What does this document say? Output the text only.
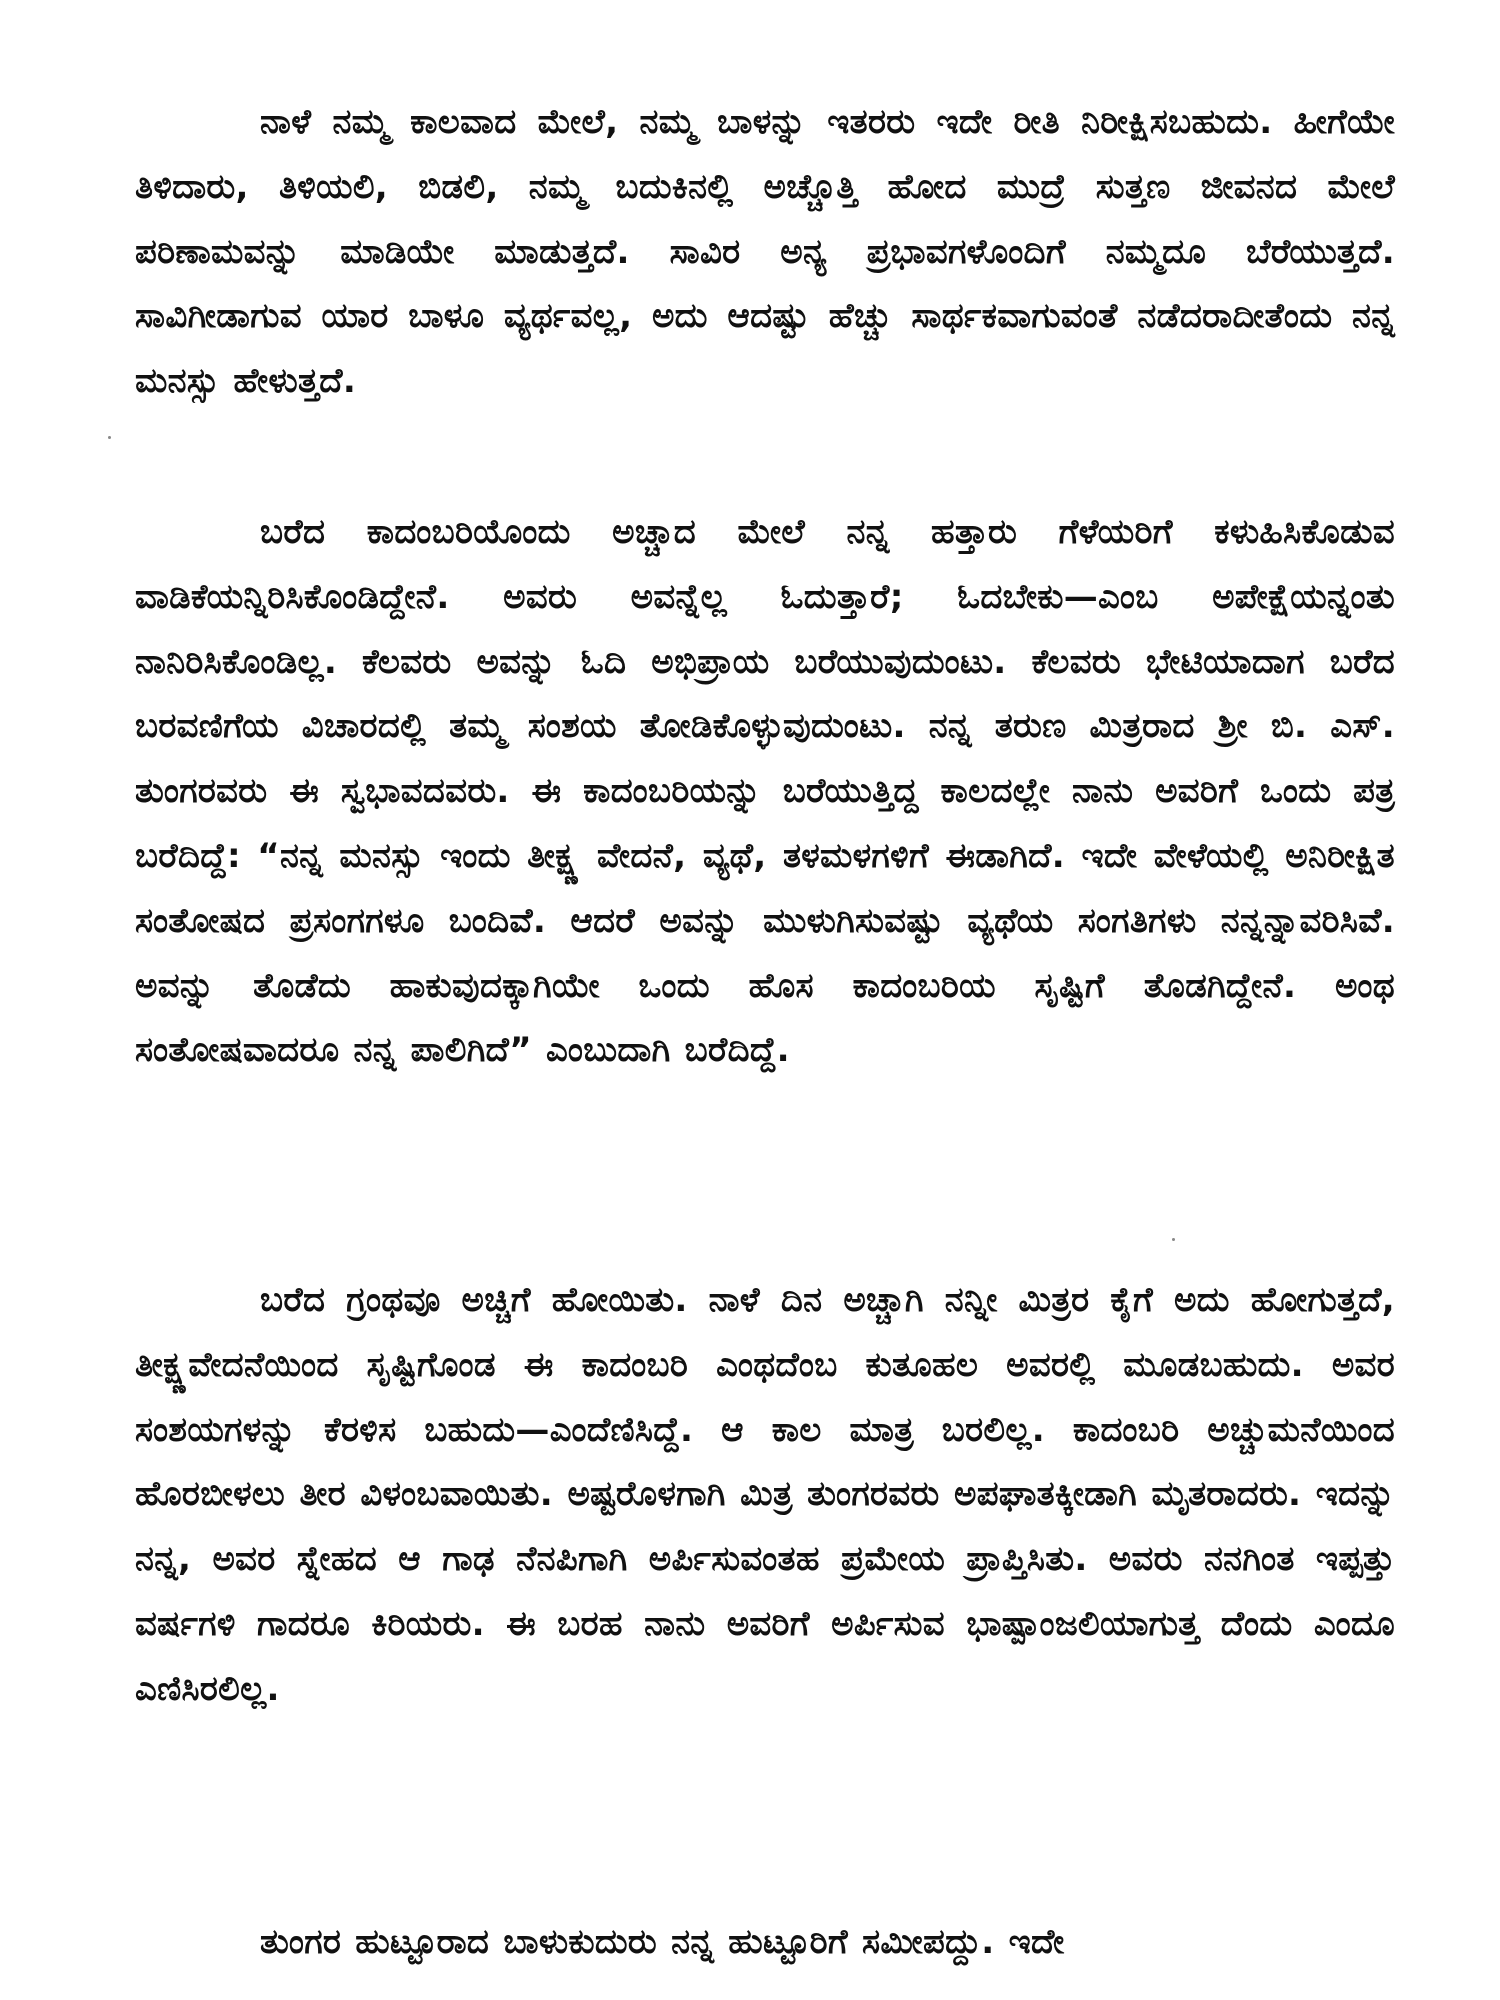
ನಾಳೆ ನಮ್ಮ ಕಾಲವಾದ ಮೇಲೆ, ನಮ್ಮ ಬಾಳನ್ನು ಇತರರು ಇದೇ ರೀತಿ ನಿರೀಕ್ಷಿಸಬಹುದು. ಹೀಗೆಯೇ ತಿಳಿದಾರು, ತಿಳಿಯಲಿ, ಬಿಡಲಿ, ನಮ್ಮ ಬದುಕಿನಲ್ಲಿ ಅಚ್ಚೊತ್ತಿ ಹೋದ ಮುದ್ರೆ ಸುತ್ತಣ ಜೀವನದ ಮೇಲೆ ಪರಿಣಾಮವನ್ನು ಮಾಡಿಯೇ ಮಾಡುತ್ತದೆ. ಸಾವಿರ ಅನ್ಯ ಪ್ರಭಾವಗಳೊಂದಿಗೆ ನಮ್ಮದೂ ಬೆರೆಯುತ್ತದೆ. ಸಾವಿಗೀಡಾಗುವ ಯಾರ ಬಾಳೂ ವ್ಯರ್ಥವಲ್ಲ, ಅದು ಆದಷ್ಟು ಹೆಚ್ಚು ಸಾರ್ಥಕವಾಗುವಂತೆ ನಡೆದರಾದೀತೆಂದು ನನ್ನ ಮನಸ್ಸು ಹೇಳುತ್ತದೆ.

ಬರೆದ ಕಾದಂಬರಿಯೊಂದು ಅಚ್ಚಾದ ಮೇಲೆ ನನ್ನ ಹತ್ತಾರು ಗೆಳೆಯರಿಗೆ ಕಳುಹಿಸಿಕೊಡುವ ವಾಡಿಕೆಯನ್ನಿರಿಸಿಕೊಂಡಿದ್ದೇನೆ. ಅವರು ಅವನ್ನೆಲ್ಲ ಓದುತ್ತಾರೆ; ಓದಬೇಕು—ಎಂಬ ಅಪೇಕ್ಷೆಯನ್ನಂತು ನಾನಿರಿಸಿಕೊಂಡಿಲ್ಲ. ಕೆಲವರು ಅವನ್ನು ಓದಿ ಅಭಿಪ್ರಾಯ ಬರೆಯುವುದುಂಟು. ಕೆಲವರು ಭೇಟಿಯಾದಾಗ ಬರೆದ ಬರವಣಿಗೆಯ ವಿಚಾರದಲ್ಲಿ ತಮ್ಮ ಸಂಶಯ ತೋಡಿಕೊಳ್ಳುವುದುಂಟು. ನನ್ನ ತರುಣ ಮಿತ್ರರಾದ ಶ್ರೀ ಬಿ. ಎಸ್. ತುಂಗರವರು ಈ ಸ್ವಭಾವದವರು. ಈ ಕಾದಂಬರಿಯನ್ನು ಬರೆಯುತ್ತಿದ್ದ ಕಾಲದಲ್ಲೇ ನಾನು ಅವರಿಗೆ ಒಂದು ಪತ್ರ ಬರೆದಿದ್ದೆ: “ನನ್ನ ಮನಸ್ಸು ಇಂದು ತೀಕ್ಷ್ಣ ವೇದನೆ, ವ್ಯಥೆ, ತಳಮಳಗಳಿಗೆ ಈಡಾಗಿದೆ. ಇದೇ ವೇಳೆಯಲ್ಲಿ ಅನಿರೀಕ್ಷಿತ ಸಂತೋಷದ ಪ್ರಸಂಗಗಳೂ ಬಂದಿವೆ. ಆದರೆ ಅವನ್ನು ಮುಳುಗಿಸುವಷ್ಟು ವ್ಯಥೆಯ ಸಂಗತಿಗಳು ನನ್ನನ್ನಾವರಿಸಿವೆ. ಅವನ್ನು ತೊಡೆದು ಹಾಕುವುದಕ್ಕಾಗಿಯೇ ಒಂದು ಹೊಸ ಕಾದಂಬರಿಯ ಸೃಷ್ಟಿಗೆ ತೊಡಗಿದ್ದೇನೆ. ಅಂಥ ಸಂತೋಷವಾದರೂ ನನ್ನ ಪಾಲಿಗಿದೆ” ಎಂಬುದಾಗಿ ಬರೆದಿದ್ದೆ.

ಬರೆದ ಗ್ರಂಥವೂ ಅಚ್ಚಿಗೆ ಹೋಯಿತು. ನಾಳೆ ದಿನ ಅಚ್ಚಾಗಿ ನನ್ನೀ ಮಿತ್ರರ ಕೈಗೆ ಅದು ಹೋಗುತ್ತದೆ, ತೀಕ್ಷ್ಣವೇದನೆಯಿಂದ ಸೃಷ್ಟಿಗೊಂಡ ಈ ಕಾದಂಬರಿ ಎಂಥದೆಂಬ ಕುತೂಹಲ ಅವರಲ್ಲಿ ಮೂಡಬಹುದು. ಅವರ ಸಂಶಯಗಳನ್ನು ಕೆರಳಿಸ ಬಹುದು—ಎಂದೆಣಿಸಿದ್ದೆ. ಆ ಕಾಲ ಮಾತ್ರ ಬರಲಿಲ್ಲ. ಕಾದಂಬರಿ ಅಚ್ಚುಮನೆಯಿಂದ ಹೊರಬೀಳಲು ತೀರ ವಿಳಂಬವಾಯಿತು. ಅಷ್ಟರೊಳಗಾಗಿ ಮಿತ್ರ ತುಂಗರವರು ಅಪಘಾತಕ್ಕೀಡಾಗಿ ಮೃತರಾದರು. ಇದನ್ನು ನನ್ನ, ಅವರ ಸ್ನೇಹದ ಆ ಗಾಢ ನೆನಪಿಗಾಗಿ ಅರ್ಪಿಸುವಂತಹ ಪ್ರಮೇಯ ಪ್ರಾಪ್ತಿಸಿತು. ಅವರು ನನಗಿಂತ ಇಪ್ಪತ್ತು ವರ್ಷಗಳಿ ಗಾದರೂ ಕಿರಿಯರು. ಈ ಬರಹ ನಾನು ಅವರಿಗೆ ಅರ್ಪಿಸುವ ಭಾಷ್ಪಾಂಜಲಿಯಾಗುತ್ತ ದೆಂದು ಎಂದೂ ಎಣಿಸಿರಲಿಲ್ಲ.

ತುಂಗರ ಹುಟ್ಟೂರಾದ ಬಾಳುಕುದುರು ನನ್ನ ಹುಟ್ಟೂರಿಗೆ ಸಮೀಪದ್ದು. ಇದೇ
